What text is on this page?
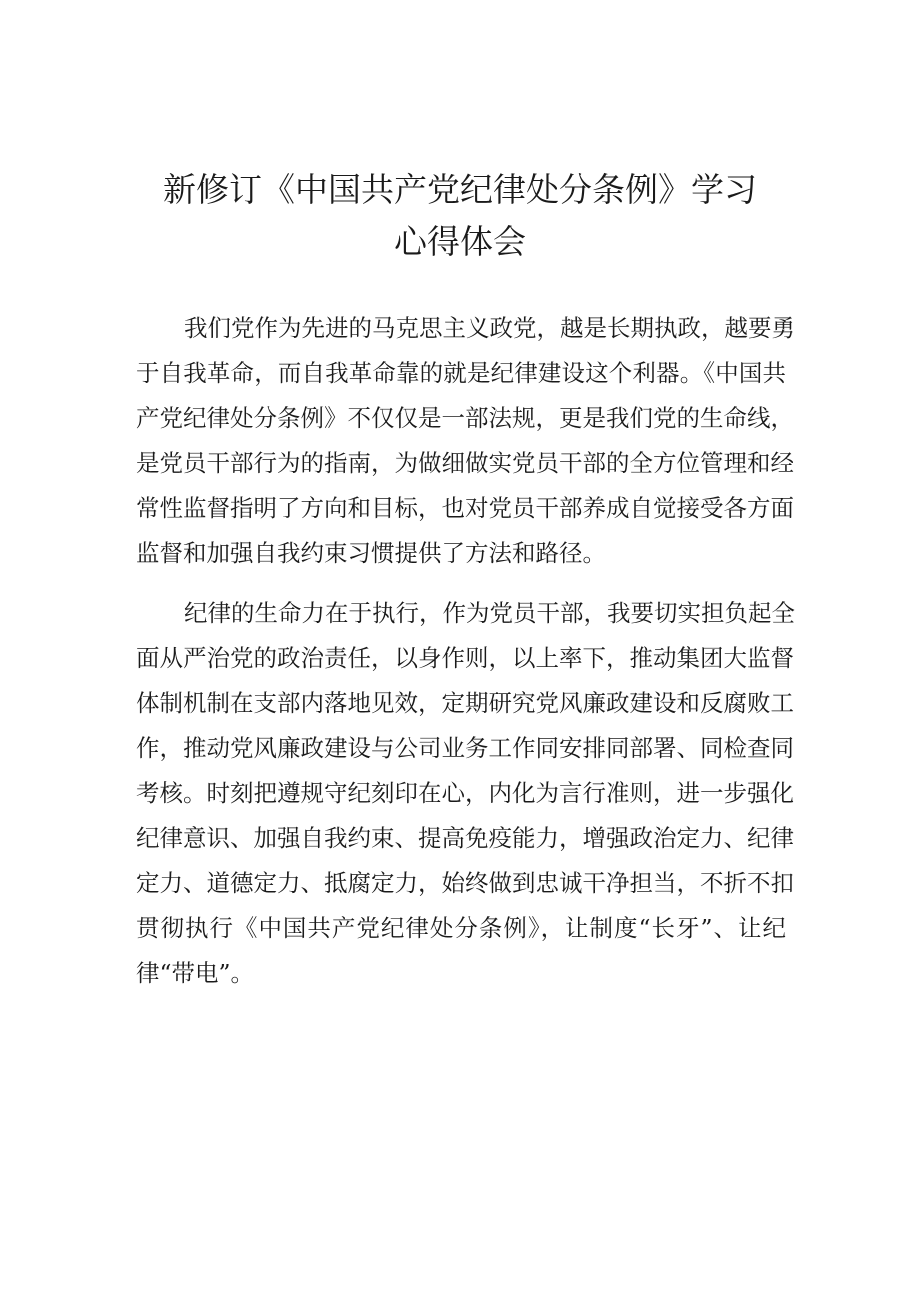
新修订《中国共产党纪律处分条例》学习
心得体会
我们党作为先进的马克思主义政党，越是长期执政，越要勇
于自我革命，而自我革命靠的就是纪律建设这个利器。《中国共
产党纪律处分条例》不仅仅是一部法规，更是我们党的生命线，
是党员干部行为的指南，为做细做实党员干部的全方位管理和经
常性监督指明了方向和目标，也对党员干部养成自觉接受各方面
监督和加强自我约束习惯提供了方法和路径。
纪律的生命力在于执行，作为党员干部，我要切实担负起全
面从严治党的政治责任，以身作则，以上率下，推动集团大监督
体制机制在支部内落地见效，定期研究党风廉政建设和反腐败工
作，推动党风廉政建设与公司业务工作同安排同部署、同检查同
考核。时刻把遵规守纪刻印在心，内化为言行准则，进一步强化
纪律意识、加强自我约束、提高免疫能力，增强政治定力、纪律
定力、道德定力、抵腐定力，始终做到忠诚干净担当，不折不扣
贯彻执行《中国共产党纪律处分条例》，让制度“长牙”、让纪
律“带电”。
